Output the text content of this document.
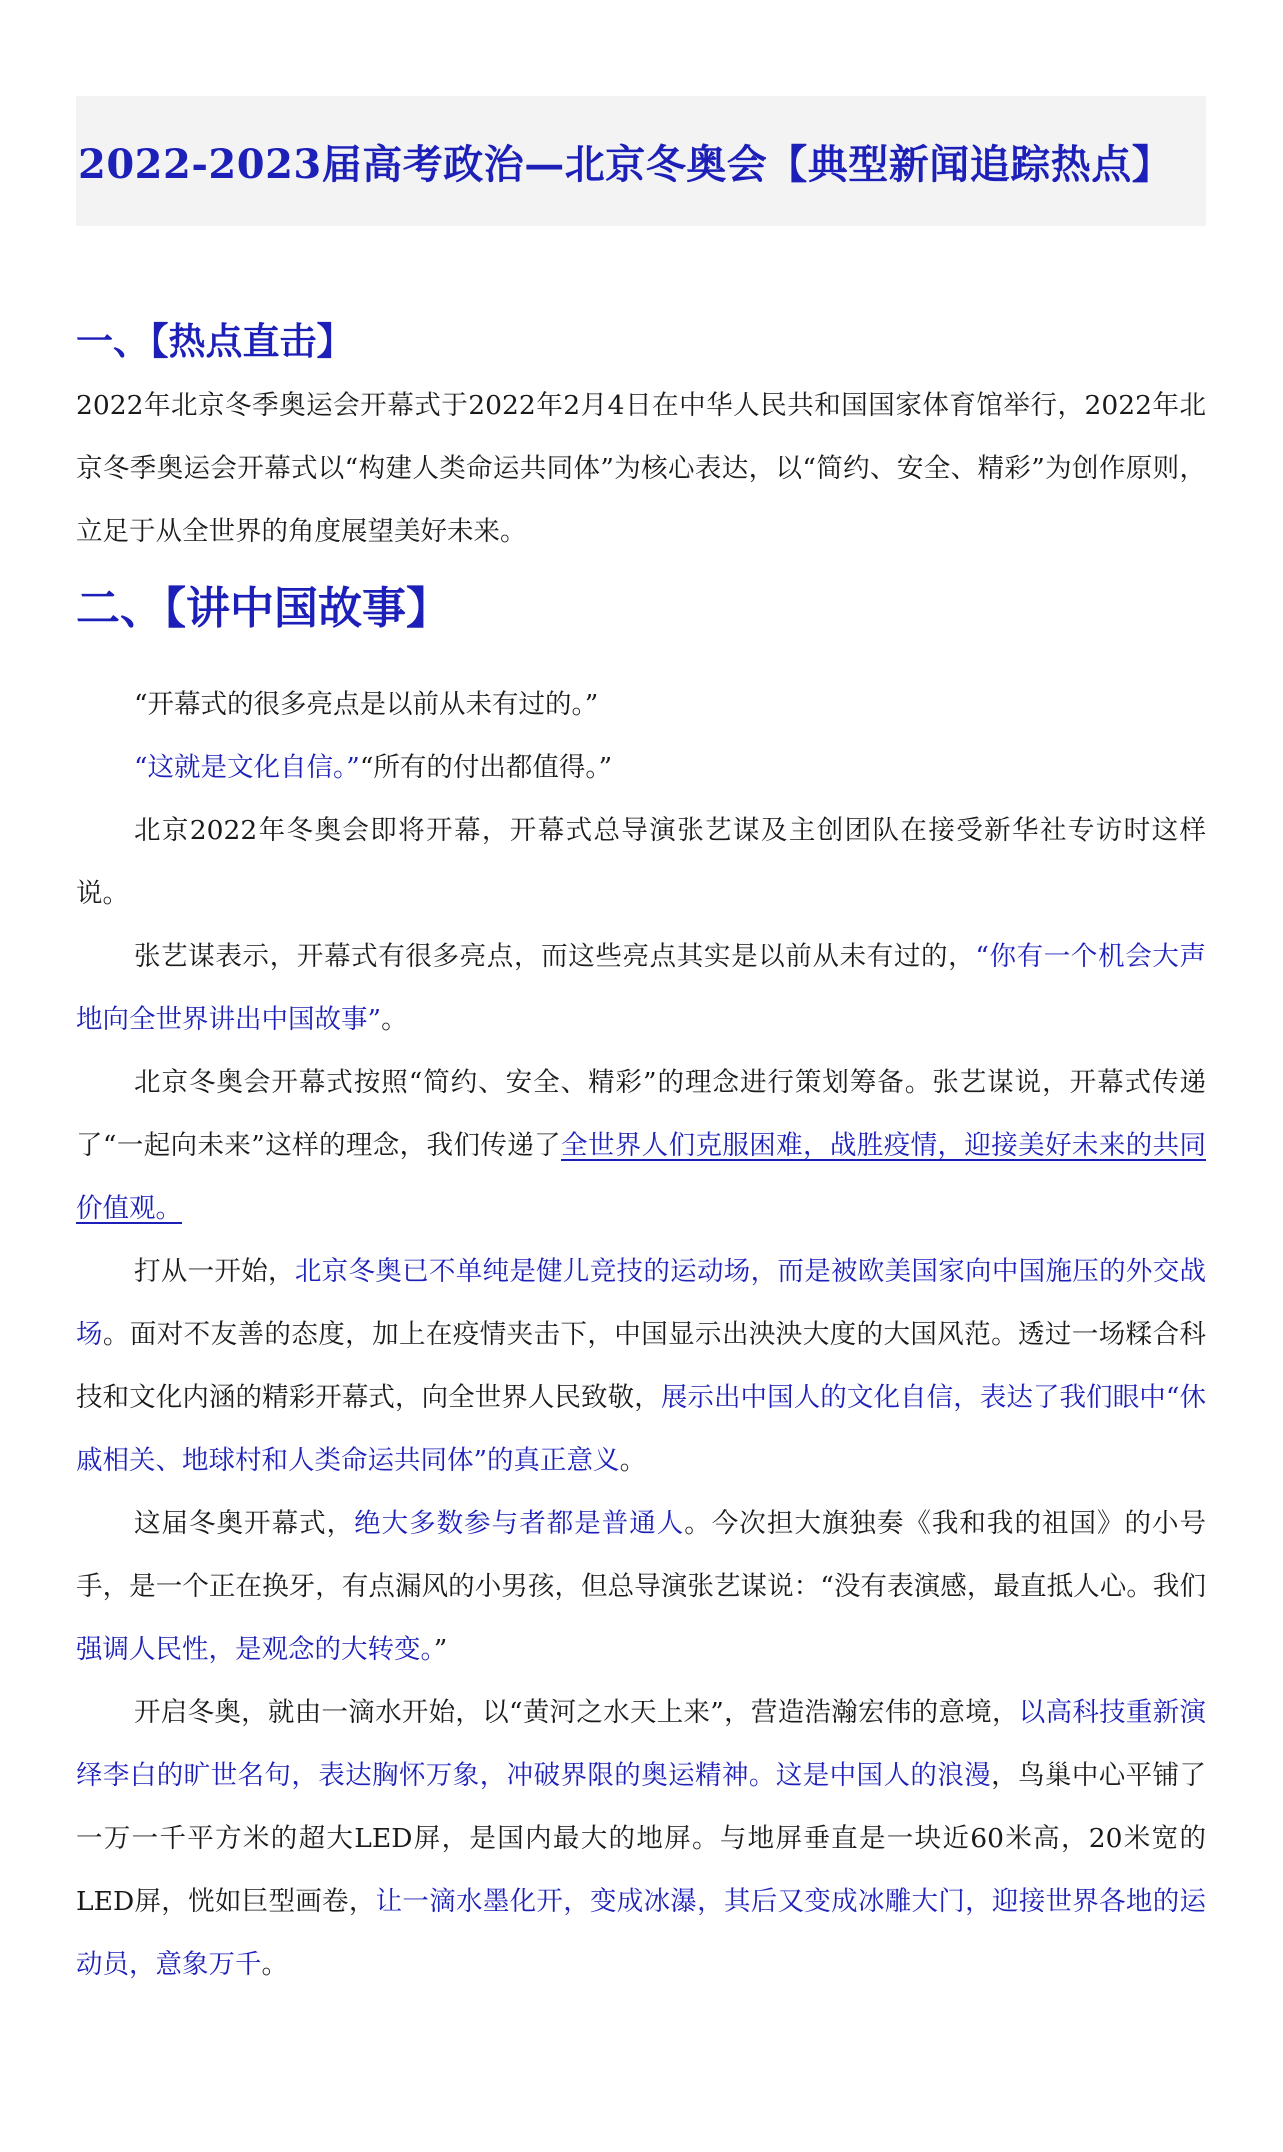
2022-2023届高考政治—北京冬奥会【典型新闻追踪热点】
一、【热点直击】

2022年北京冬季奥运会开幕式于2022年2月4日在中华人民共和国国家体育馆举行，2022年北京冬季奥运会开幕式以“构建人类命运共同体”为核心表达，以“简约、安全、精彩”为创作原则，立足于从全世界的角度展望美好未来。

二、【讲中国故事】

“开幕式的很多亮点是以前从未有过的。”

“这就是文化自信。”“所有的付出都值得。”

北京2022年冬奥会即将开幕，开幕式总导演张艺谋及主创团队在接受新华社专访时这样说。

张艺谋表示，开幕式有很多亮点，而这些亮点其实是以前从未有过的，“你有一个机会大声地向全世界讲出中国故事”。

北京冬奥会开幕式按照“简约、安全、精彩”的理念进行策划筹备。张艺谋说，开幕式传递了“一起向未来”这样的理念，我们传递了全世界人们克服困难，战胜疫情，迎接美好未来的共同价值观。

打从一开始，北京冬奥已不单纯是健儿竞技的运动场，而是被欧美国家向中国施压的外交战场。面对不友善的态度，加上在疫情夹击下，中国显示出泱泱大度的大国风范。透过一场糅合科技和文化内涵的精彩开幕式，向全世界人民致敬，展示出中国人的文化自信，表达了我们眼中“休戚相关、地球村和人类命运共同体”的真正意义。

这届冬奥开幕式，绝大多数参与者都是普通人。今次担大旗独奏《我和我的祖国》的小号手，是一个正在换牙，有点漏风的小男孩，但总导演张艺谋说：“没有表演感，最直抵人心。我们强调人民性，是观念的大转变。”

开启冬奥，就由一滴水开始，以“黄河之水天上来”，营造浩瀚宏伟的意境，以高科技重新演绎李白的旷世名句，表达胸怀万象，冲破界限的奥运精神。这是中国人的浪漫，鸟巢中心平铺了一万一千平方米的超大LED屏，是国内最大的地屏。与地屏垂直是一块近60米高，20米宽的LED屏，恍如巨型画卷，让一滴水墨化开，变成冰瀑，其后又变成冰雕大门，迎接世界各地的运动员，意象万千。
